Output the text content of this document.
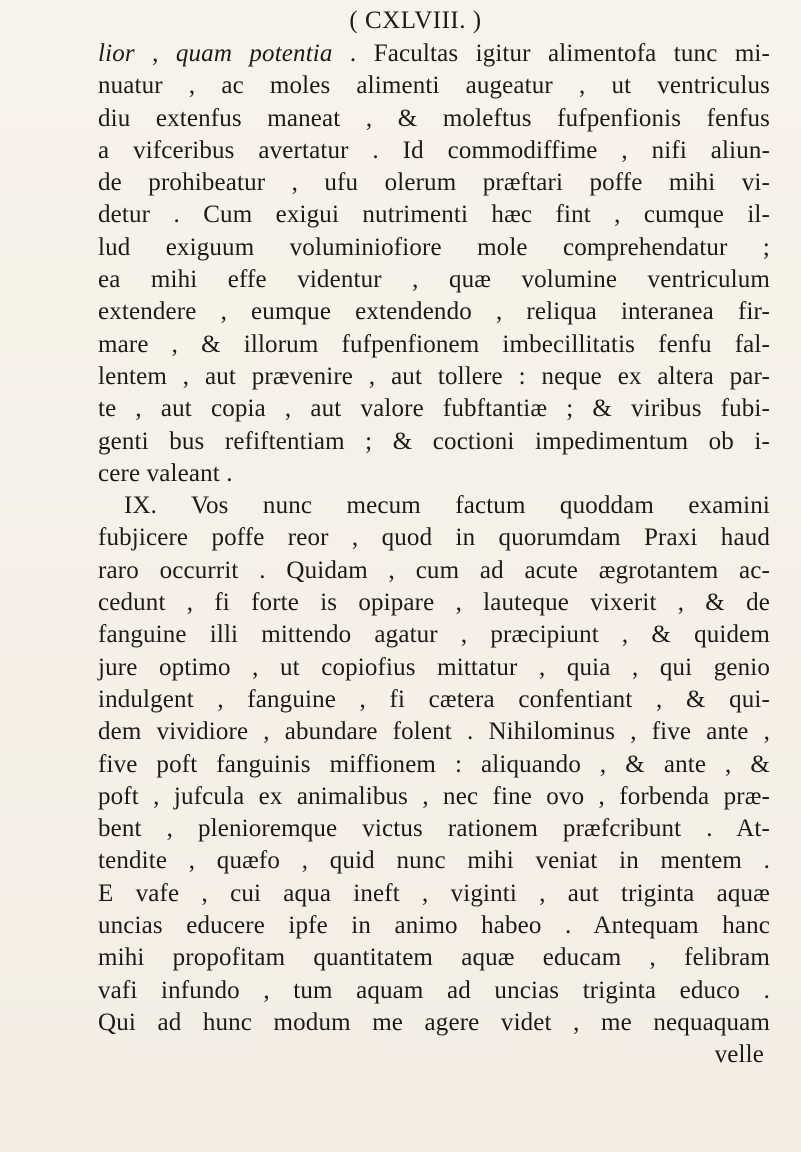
( CXLVIII. )
lior , quam potentia . Facultas igitur alimentofa tunc mi-
nuatur , ac moles alimenti augeatur , ut ventriculus
diu extenfus maneat , & moleftus fufpenfionis fenfus
a vifceribus avertatur . Id commodiffime , nifi aliun-
de prohibeatur , ufu olerum præftari poffe mihi vi-
detur . Cum exigui nutrimenti hæc fint , cumque il-
lud exiguum voluminiofiore mole comprehendatur ;
ea mihi effe videntur , quæ volumine ventriculum
extendere , eumque extendendo , reliqua interanea fir-
mare , & illorum fufpenfionem imbecillitatis fenfu fal-
lentem , aut prævenire , aut tollere : neque ex altera par-
te , aut copia , aut valore fubftantiæ ; & viribus fubi-
genti bus refiftentiam ; & coctioni impedimentum ob i-
cere valeant .
IX. Vos nunc mecum factum quoddam examini
fubjicere poffe reor , quod in quorumdam Praxi haud
raro occurrit . Quidam , cum ad acute ægrotantem ac-
cedunt , fi forte is opipare , lauteque vixerit , & de
fanguine illi mittendo agatur , præcipiunt , & quidem
jure optimo , ut copiofius mittatur , quia , qui genio
indulgent , fanguine , fi cætera confentiant , & qui-
dem vividiore , abundare folent . Nihilominus , five ante ,
five poft fanguinis miffionem : aliquando , & ante , &
poft , jufcula ex animalibus , nec fine ovo , forbenda præ-
bent , plenioremque victus rationem præfcribunt . At-
tendite , quæfo , quid nunc mihi veniat in mentem .
E vafe , cui aqua ineft , viginti , aut triginta aquæ
uncias educere ipfe in animo habeo . Antequam hanc
mihi propofitam quantitatem aquæ educam , felibram
vafi infundo , tum aquam ad uncias triginta educo .
Qui ad hunc modum me agere videt , me nequaquam
velle
